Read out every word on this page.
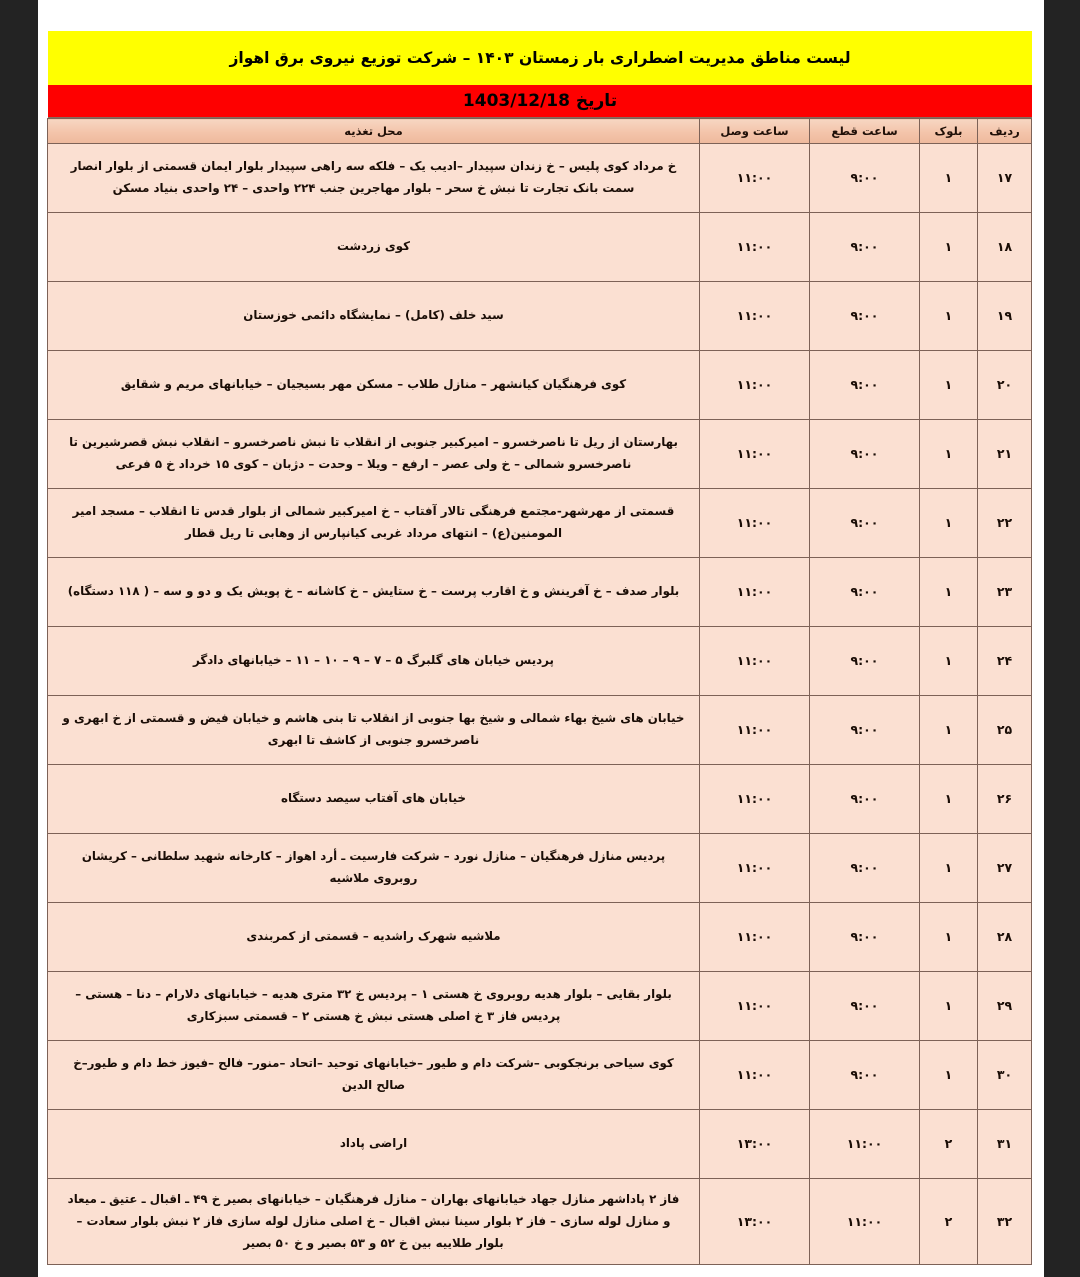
لیست مناطق مدیریت اضطراری بار زمستان ۱۴۰۳ – شرکت توزیع نیروی برق اهواز
تاریخ 1403/12/18
ردیف	بلوک	ساعت قطع	ساعت وصل	محل تغذیه
۱۷	۱	۹:۰۰	۱۱:۰۰	خ مرداد کوی پلیس – خ زندان سپیدار –ادیب یک – فلکه سه راهی سپیدار بلوار ایمان قسمتی از بلوار انصار سمت بانک تجارت تا نبش خ سحر – بلوار مهاجرین جنب ۲۲۴ واحدی – ۲۴ واحدی بنیاد مسکن
۱۸	۱	۹:۰۰	۱۱:۰۰	کوی زردشت
۱۹	۱	۹:۰۰	۱۱:۰۰	سید خلف (کامل) – نمایشگاه دائمی خوزستان
۲۰	۱	۹:۰۰	۱۱:۰۰	کوی فرهنگیان کیانشهر – منازل طلاب – مسکن مهر بسیجیان – خیابانهای مریم و شقایق
۲۱	۱	۹:۰۰	۱۱:۰۰	بهارستان از ریل تا ناصرخسرو – امیرکبیر جنوبی از انقلاب تا نبش ناصرخسرو – انقلاب نبش قصرشیرین تا ناصرخسرو شمالی – خ ولی عصر – ارفع – ویلا – وحدت – دژبان – کوی ۱۵ خرداد خ ۵ فرعی
۲۲	۱	۹:۰۰	۱۱:۰۰	قسمتی از مهرشهر-مجتمع فرهنگی تالار آفتاب – خ امیرکبیر شمالی از بلوار قدس تا انقلاب – مسجد امیر المومنین(ع) – انتهای مرداد غربی کیانپارس از وهابی تا ریل قطار
۲۳	۱	۹:۰۰	۱۱:۰۰	بلوار صدف – خ آفرینش و خ اقارب پرست – خ ستایش – خ کاشانه – خ پویش یک و دو و سه – ( ۱۱۸ دستگاه)
۲۴	۱	۹:۰۰	۱۱:۰۰	پردیس خیابان های گلبرگ ۵ – ۷ – ۹ – ۱۰ – ۱۱ – خیابانهای دادگر
۲۵	۱	۹:۰۰	۱۱:۰۰	خیابان های شیخ بهاء شمالی و شیخ بها جنوبی از انقلاب تا بنی هاشم و خیابان فیض و قسمتی از خ ابهری و ناصرخسرو جنوبی از کاشف تا ابهری
۲۶	۱	۹:۰۰	۱۱:۰۰	خیابان های آفتاب سیصد دستگاه
۲۷	۱	۹:۰۰	۱۱:۰۰	پردیس منازل فرهنگیان – منازل نورد – شرکت فارسیت ـ أرد اهواز – کارخانه شهید سلطانی – کریشان روبروی ملاشیه
۲۸	۱	۹:۰۰	۱۱:۰۰	ملاشیه شهرک راشدیه – قسمتی از کمربندی
۲۹	۱	۹:۰۰	۱۱:۰۰	بلوار بقایی – بلوار هدیه روبروی خ هستی ۱ – پردیس خ ۳۲ متری هدیه – خیابانهای دلارام – دنا – هستی – پردیس فاز ۳ خ اصلی هستی نبش خ هستی ۲ – قسمتی سبزکاری
۳۰	۱	۹:۰۰	۱۱:۰۰	کوی سیاحی برنجکوبی –شرکت دام و طیور –خیابانهای توحید –اتحاد –منور– فالح –فیوز خط دام و طیور–خ صالح الدین
۳۱	۲	۱۱:۰۰	۱۳:۰۰	اراضی پاداد
۳۲	۲	۱۱:۰۰	۱۳:۰۰	فاز ۲ پاداشهر منازل جهاد خیابانهای بهاران – منازل فرهنگیان – خیابانهای بصیر خ ۴۹ ـ اقبال ـ عتیق ـ میعاد و منازل لوله سازی – فاز ۲ بلوار سینا نبش اقبال – خ اصلی منازل لوله سازی فاز ۲ نبش بلوار سعادت – بلوار طلاییه بین خ ۵۲ و ۵۳ بصیر و خ ۵۰ بصیر
